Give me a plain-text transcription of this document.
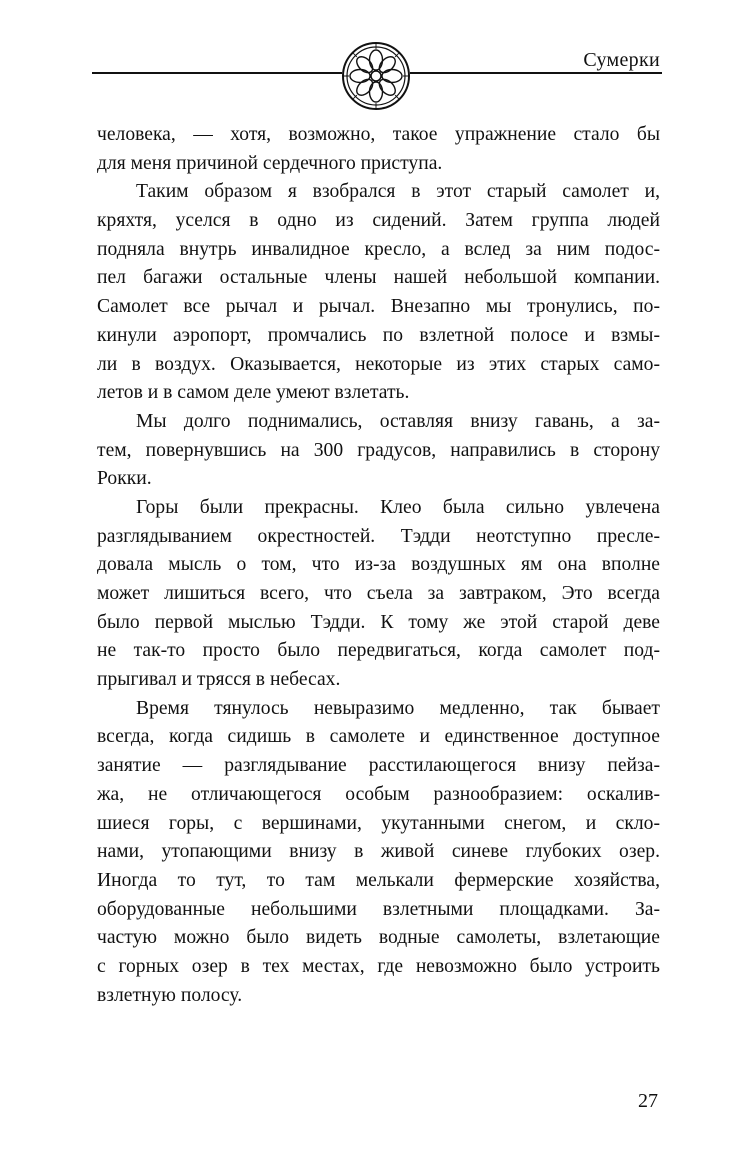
Сумерки
человека, — хотя, возможно, такое упражнение стало бы
для меня причиной сердечного приступа.
Таким образом я взобрался в этот старый самолет и,
кряхтя, уселся в одно из сидений. Затем группа людей
подняла внутрь инвалидное кресло, а вслед за ним подос-
пел багажи остальные члены нашей небольшой компании.
Самолет все рычал и рычал. Внезапно мы тронулись, по-
кинули аэропорт, промчались по взлетной полосе и взмы-
ли в воздух. Оказывается, некоторые из этих старых само-
летов и в самом деле умеют взлетать.
Мы долго поднимались, оставляя внизу гавань, а за-
тем, повернувшись на 300 градусов, направились в сторону
Рокки.
Горы были прекрасны. Клео была сильно увлечена
разглядыванием окрестностей. Тэдди неотступно пресле-
довала мысль о том, что из-за воздушных ям она вполне
может лишиться всего, что съела за завтраком, Это всегда
было первой мыслью Тэдди. К тому же этой старой деве
не так-то просто было передвигаться, когда самолет под-
прыгивал и трясся в небесах.
Время тянулось невыразимо медленно, так бывает
всегда, когда сидишь в самолете и единственное доступное
занятие — разглядывание расстилающегося внизу пейза-
жа, не отличающегося особым разнообразием: оскалив-
шиеся горы, с вершинами, укутанными снегом, и скло-
нами, утопающими внизу в живой синеве глубоких озер.
Иногда то тут, то там мелькали фермерские хозяйства,
оборудованные небольшими взлетными площадками. За-
частую можно было видеть водные самолеты, взлетающие
с горных озер в тех местах, где невозможно было устроить
взлетную полосу.
27
